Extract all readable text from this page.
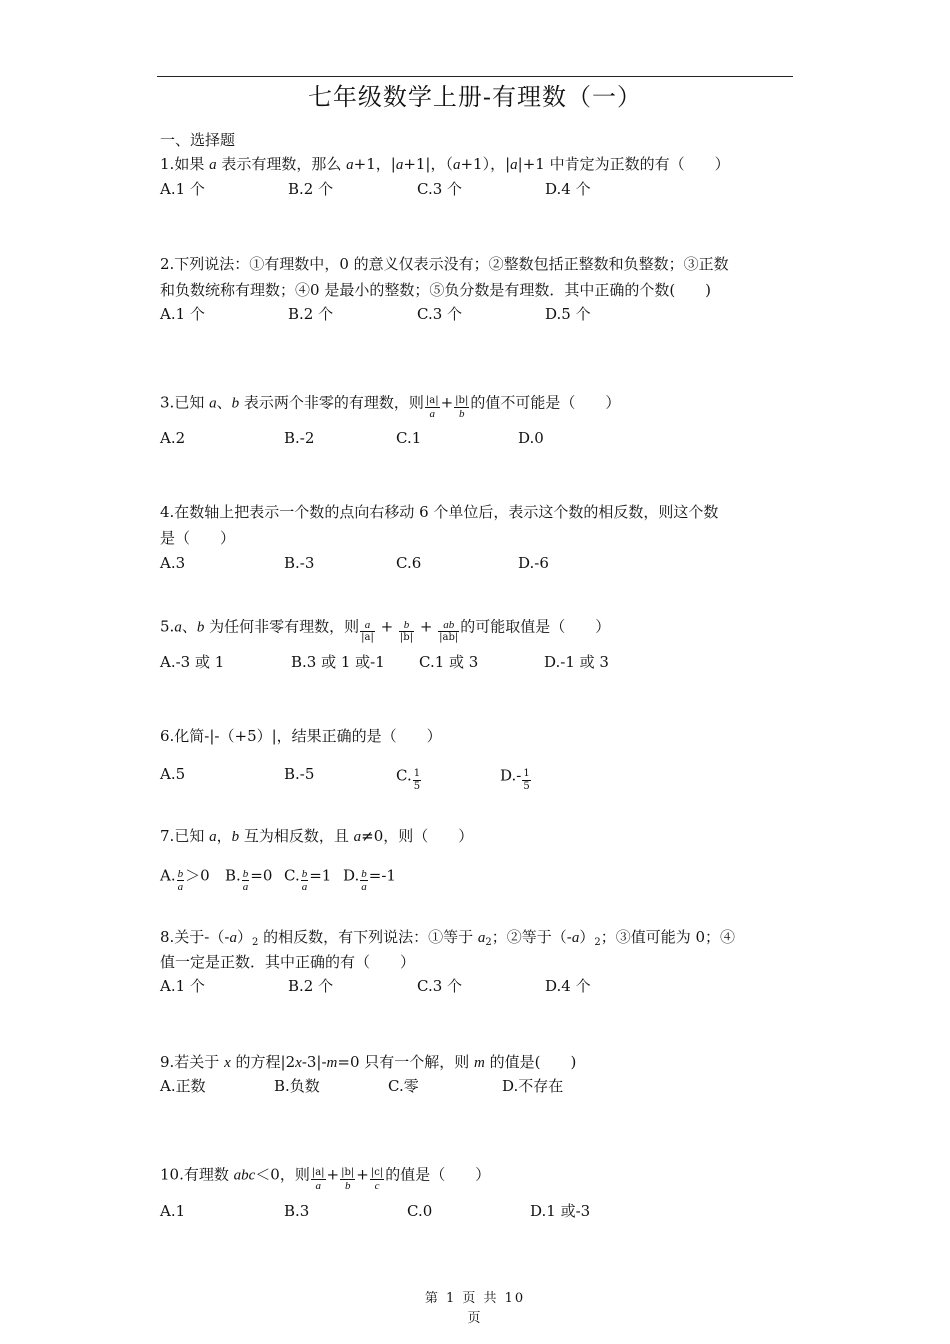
七年级数学上册-有理数（一）
一、选择题
1.如果 a 表示有理数，那么 a+1，|a+1|，（a+1），|a|+1 中肯定为正数的有（　　）
A.1 个	B.2 个	C.3 个	D.4 个
2.下列说法：①有理数中，0 的意义仅表示没有；②整数包括正整数和负整数；③正数
和负数统称有理数；④0 是最小的整数；⑤负分数是有理数．其中正确的个数(　　)
A.1 个	B.2 个	C.3 个	D.5 个
3.已知 a、b 表示两个非零的有理数，则 $\frac{|a|}{a} + \frac{|b|}{b}$ 的值不可能是（　　）
A.2	B.-2	C.1	D.0
4.在数轴上把表示一个数的点向右移动 6 个单位后，表示这个数的相反数，则这个数
是（　　）
A.3	B.-3	C.6	D.-6
5.a、b 为任何非零有理数，则 $\frac{a}{|a|} + \frac{b}{|b|} + \frac{ab}{|ab|}$ 的可能取值是（　　）
A.-3 或 1	B.3 或 1 或-1 C.1 或 3	D.-1 或 3
6.化简-|-（+5）|，结果正确的是（　　）
A.5	B.-5	C. $\frac{1}{5}$	$D.- \frac{1}{5}$
7.已知 a，b 互为相反数，且 a≠0，则（　　）
A. $\frac{b}{a} >0$ B. $\frac{b}{a} =0$ C. $\frac{b}{a} =1$ D. $\frac{b}{a} =-1$
8.关于$-(-a)_2$ 的相反数，有下列说法：①等于 $a_2$；②等于$(-a)_2$；③值可能为 0；④
值一定是正数．其中正确的有（　　）
A.1 个	B.2 个	C.3 个	D.4 个
9.若关于 x 的方程|2x-3|-m=0 只有一个解，则 m 的值是(　　)
A.正数	B.负数	C.零	D.不存在
10.有理数 abc＜0，则 $\frac{|a|}{a} + \frac{|b|}{b} + \frac{|c|}{c}$ 的值是（　　）
A.1	B.3	C.0	D.1 或-3
第 1 页 共 10
页
